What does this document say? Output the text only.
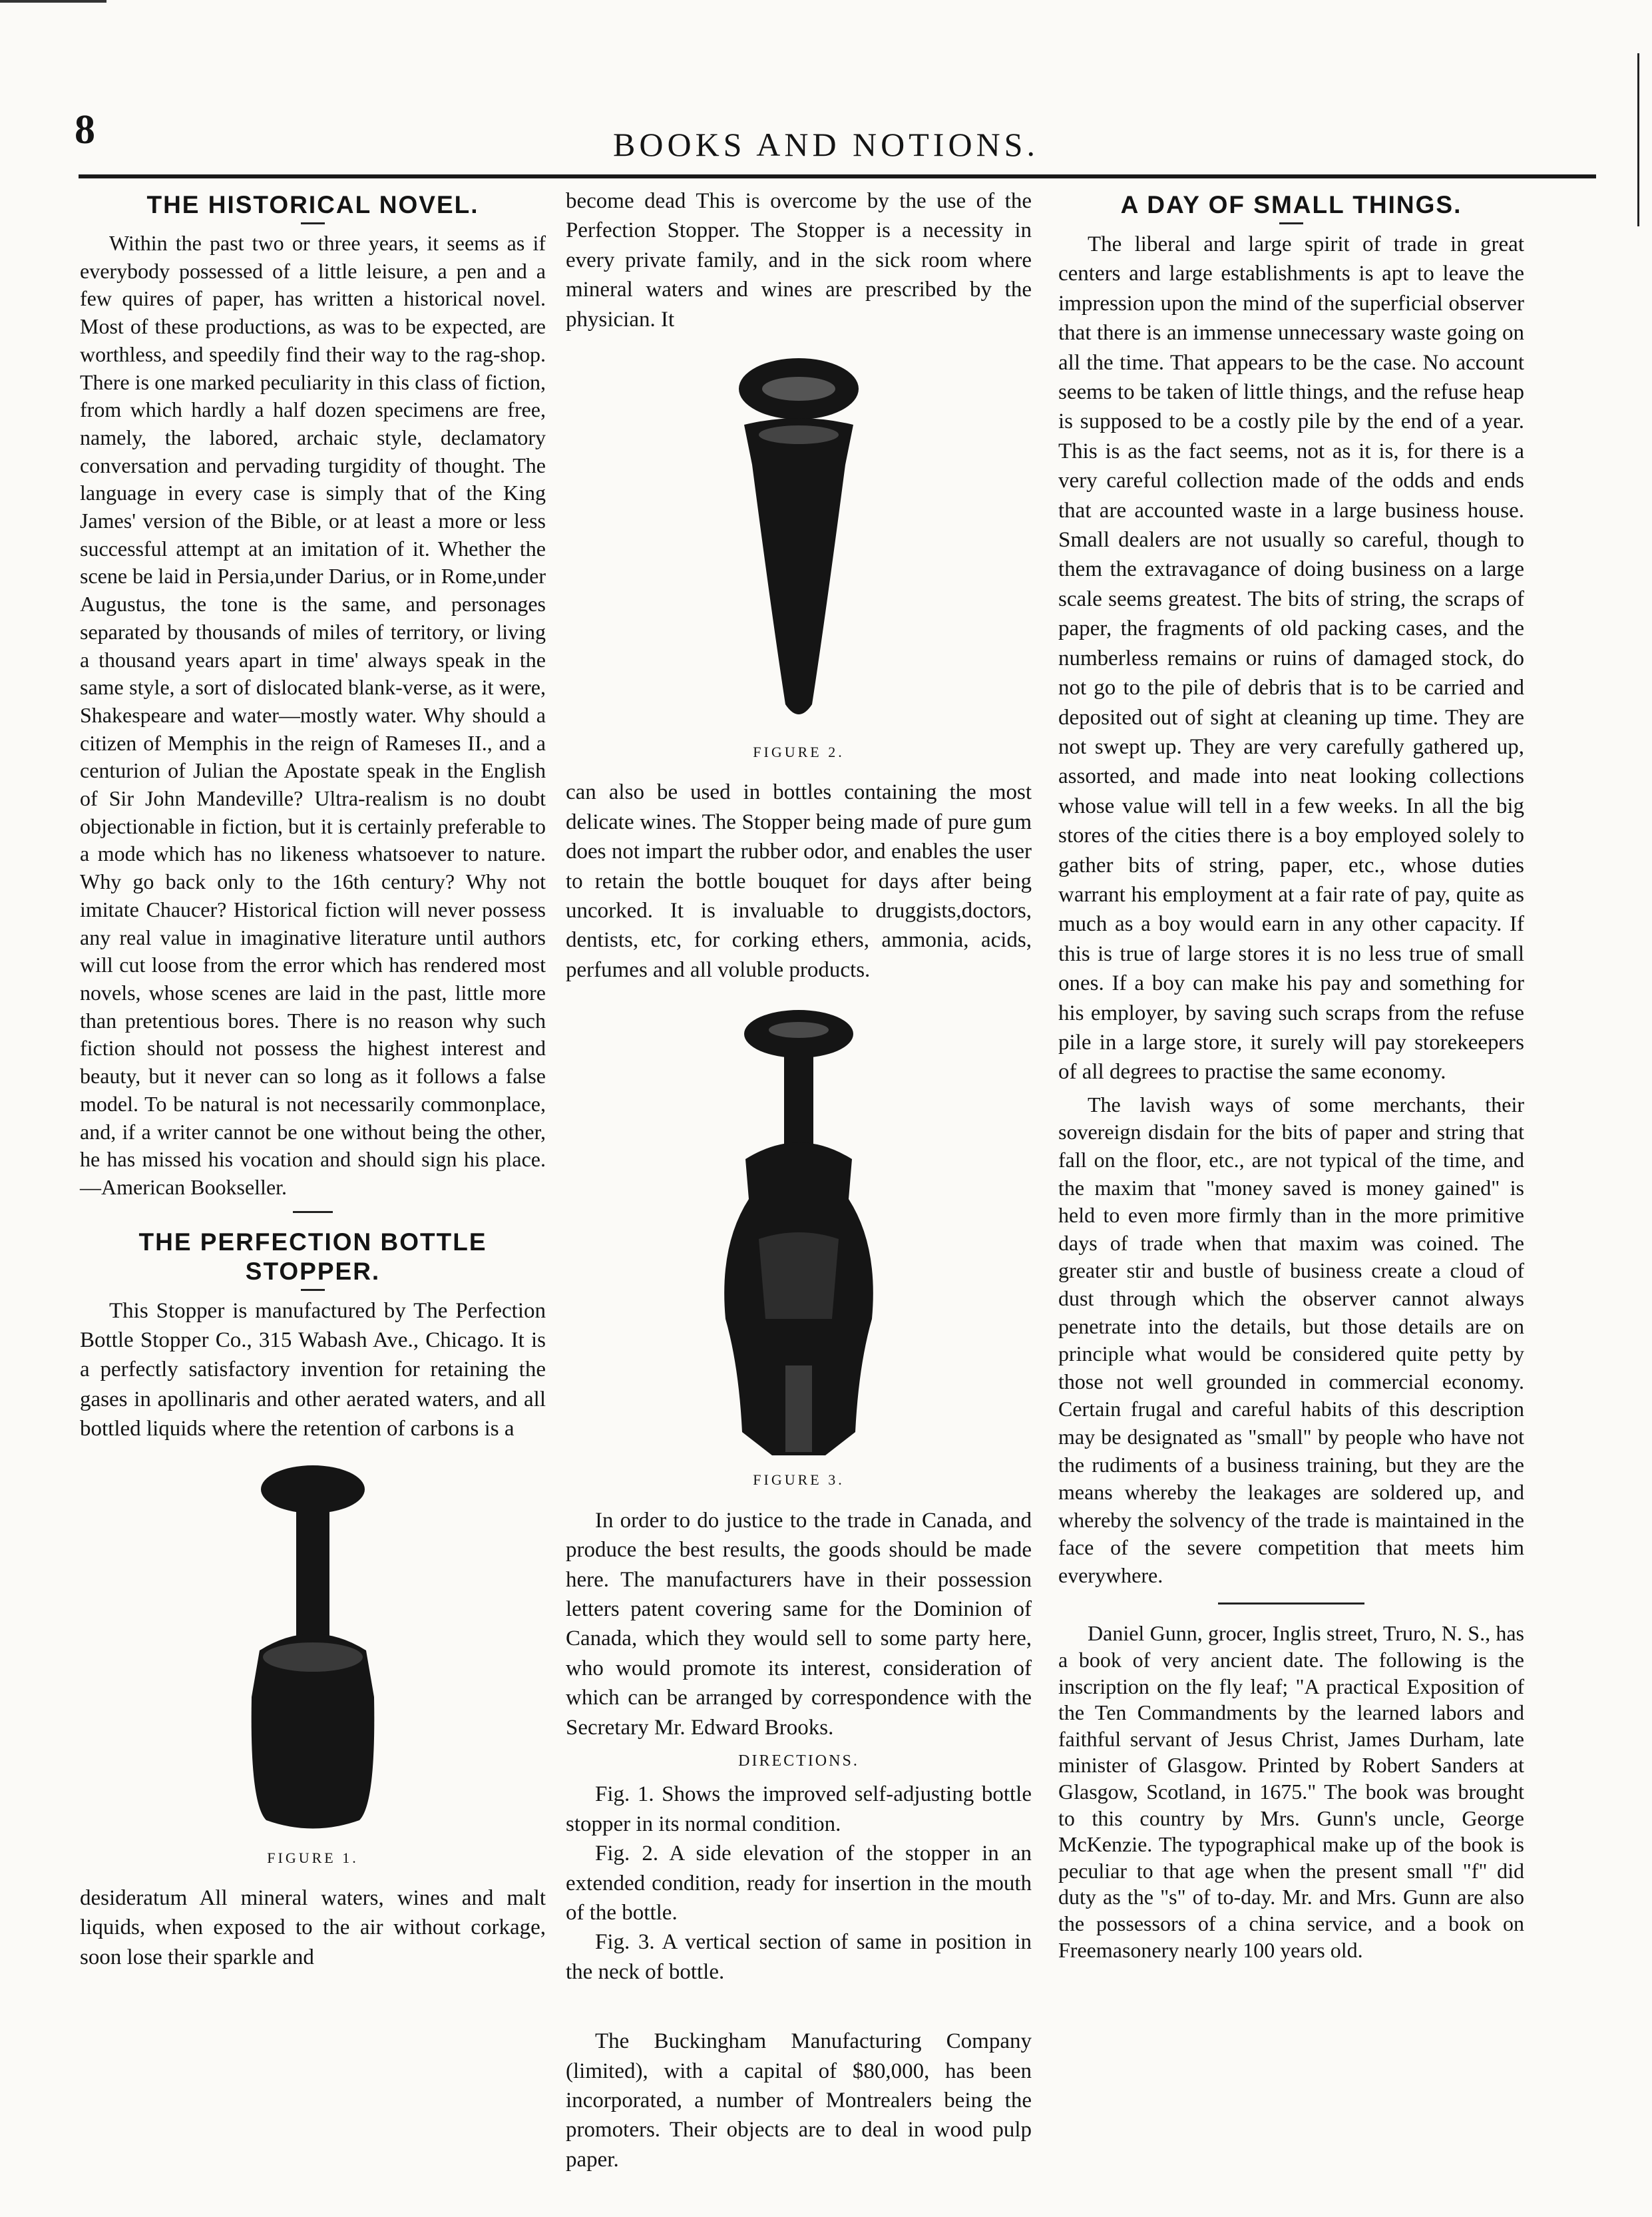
8	BOOKS AND NOTIONS.
THE HISTORICAL NOVEL.

Within the past two or three years, it seems as if everybody possessed of a little leisure, a pen and a few quires of paper, has written a historical novel. Most of these productions, as was to be expected, are worthless, and speedily find their way to the rag-shop. There is one marked peculiarity in this class of fiction, from which hardly a half dozen specimens are free, namely, the labored, archaic style, declamatory conversation and pervading turgidity of thought. The language in every case is simply that of the King James' version of the Bible, or at least a more or less successful attempt at an imitation of it. Whether the scene be laid in Persia,under Darius, or in Rome,under Augustus, the tone is the same, and personages separated by thousands of miles of territory, or living a thousand years apart in time' always speak in the same style, a sort of dislocated blank-verse, as it were, Shakespeare and water—mostly water. Why should a citizen of Memphis in the reign of Rameses II., and a centurion of Julian the Apostate speak in the English of Sir John Mandeville? Ultra-realism is no doubt objectionable in fiction, but it is certainly preferable to a mode which has no likeness whatsoever to nature. Why go back only to the 16th century? Why not imitate Chaucer? Historical fiction will never possess any real value in imaginative literature until authors will cut loose from the error which has rendered most novels, whose scenes are laid in the past, little more than pretentious bores. There is no reason why such fiction should not possess the highest interest and beauty, but it never can so long as it follows a false model. To be natural is not necessarily commonplace, and, if a writer cannot be one without being the other, he has missed his vocation and should sign his place.—American Bookseller.

THE PERFECTION BOTTLE STOPPER.

This Stopper is manufactured by The Perfection Bottle Stopper Co., 315 Wabash Ave., Chicago. It is a perfectly satisfactory invention for retaining the gases in apollinaris and other aerated waters, and all bottled liquids where the retention of carbons is a

FIGURE 1.

desideratum All mineral waters, wines and malt liquids, when exposed to the air without corkage, soon lose their sparkle and

become dead This is overcome by the use of the Perfection Stopper. The Stopper is a necessity in every private family, and in the sick room where mineral waters and wines are prescribed by the physician. It

FIGURE 2.

can also be used in bottles containing the most delicate wines. The Stopper being made of pure gum does not impart the rubber odor, and enables the user to retain the bottle bouquet for days after being uncorked. It is invaluable to druggists,doctors, dentists, etc, for corking ethers, ammonia, acids, perfumes and all voluble products.

FIGURE 3.

In order to do justice to the trade in Canada, and produce the best results, the goods should be made here. The manufacturers have in their possession letters patent covering same for the Dominion of Canada, which they would sell to some party here, who would promote its interest, consideration of which can be arranged by correspondence with the Secretary Mr. Edward Brooks.

DIRECTIONS.

Fig. 1. Shows the improved self-adjusting bottle stopper in its normal condition.

Fig. 2. A side elevation of the stopper in an extended condition, ready for insertion in the mouth of the bottle.

Fig. 3. A vertical section of same in position in the neck of bottle.

The Buckingham Manufacturing Company (limited), with a capital of $80,000, has been incorporated, a number of Montrealers being the promoters. Their objects are to deal in wood pulp paper.

A DAY OF SMALL THINGS.

The liberal and large spirit of trade in great centers and large establishments is apt to leave the impression upon the mind of the superficial observer that there is an immense unnecessary waste going on all the time. That appears to be the case. No account seems to be taken of little things, and the refuse heap is supposed to be a costly pile by the end of a year. This is as the fact seems, not as it is, for there is a very careful collection made of the odds and ends that are accounted waste in a large business house. Small dealers are not usually so careful, though to them the extravagance of doing business on a large scale seems greatest. The bits of string, the scraps of paper, the fragments of old packing cases, and the numberless remains or ruins of damaged stock, do not go to the pile of debris that is to be carried and deposited out of sight at cleaning up time. They are not swept up. They are very carefully gathered up, assorted, and made into neat looking collections whose value will tell in a few weeks. In all the big stores of the cities there is a boy employed solely to gather bits of string, paper, etc., whose duties warrant his employment at a fair rate of pay, quite as much as a boy would earn in any other capacity. If this is true of large stores it is no less true of small ones. If a boy can make his pay and something for his employer, by saving such scraps from the refuse pile in a large store, it surely will pay storekeepers of all degrees to practise the same economy.

The lavish ways of some merchants, their sovereign disdain for the bits of paper and string that fall on the floor, etc., are not typical of the time, and the maxim that "money saved is money gained" is held to even more firmly than in the more primitive days of trade when that maxim was coined. The greater stir and bustle of business create a cloud of dust through which the observer cannot always penetrate into the details, but those details are on principle what would be considered quite petty by those not well grounded in commercial economy. Certain frugal and careful habits of this description may be designated as "small" by people who have not the rudiments of a business training, but they are the means whereby the leakages are soldered up, and whereby the solvency of the trade is maintained in the face of the severe competition that meets him everywhere.

Daniel Gunn, grocer, Inglis street, Truro, N. S., has a book of very ancient date. The following is the inscription on the fly leaf; "A practical Exposition of the Ten Commandments by the learned labors and faithful servant of Jesus Christ, James Durham, late minister of Glasgow. Printed by Robert Sanders at Glasgow, Scotland, in 1675." The book was brought to this country by Mrs. Gunn's uncle, George McKenzie. The typographical make up of the book is peculiar to that age when the present small "f" did duty as the "s" of to-day. Mr. and Mrs. Gunn are also the possessors of a china service, and a book on Freemasonery nearly 100 years old.
